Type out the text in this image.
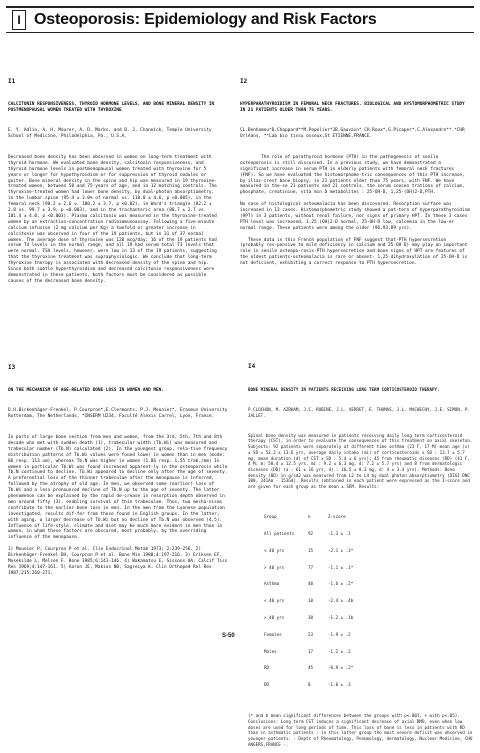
I Osteoporosis: Epidemiology and Risk Factors

I1

CALCITONIN RESPONSIVENESS, THYROID HORMONE LEVELS, AND BONE MINERAL DENSITY IN POSTMENOPAUSAL WOMEN TREATED WITH THYROXINE

E. Y. Adlin, A. H. Maurer, A. D. Marks, and B. J. Channick, Temple University School of Medicine, Philadelphia, Pa., U.S.A.

Decreased bone density has been observed in women on long-term treatment with thyroid hormone. We evaluated bone density, calcitonin responsiveness, and thyroid hormone levels in postmenopausal women treated with thyroxine for 5 years or longer for hypothyroidism or for suppression of thyroid nodules or goiter. Bone mineral density in the spine and hip was measured in 19 thyroxine-treated women, between 50 and 75 years of age, and in 12 matching controls. The thyroxine-treated women had lower bone density, by dual-photon absorptiometry, in the lumbar spine (95.4 ± 3.0% of normal vs. 110.0 ± 4.6, p <0.005), in the femoral neck (90.2 ± 2.6 v. 100.2 ± 3.7, p <0.02), in Ward's triangle (82.2 ± 2.8 vs. 99.7 ± 3.9, p <0.003), and in the trochanteric area (88.7 ± 2.7 vs. 101.4 ± 4.0, p <0.003). Plasma calcitonin was measured in the thyroxine-treated women by an extraction-concentration radioimmunoassay. Following a five-minute calcium infusion (2 mg calcium per Kg) a twofold or greater increase in calcitonin was observed in four of the 19 patients, but in 31 of 37 normal women. The average dose of thyroxine was 120 mcg/day; 16 of the 19 patients had serum T4 levels in the normal range, and all 19 had serum total T3 levels that were normal. TSH levels, however, were low in 13 of the 19 patients, suggesting that the thyroxine treatment was supraphysiologic. We conclude that long-term thyroxine therapy is associated with decreased density of the spine and hip. Since both subtle hyperthyroidism and decreased calcitonin responsiveness were demonstrated in these patients, both factors must be considered as possible causes of the decreased bone density.

I2

HYPERPARATHYROIDISM IN FEMORAL NECK FRACTURES. BIOLOGICAL AND HYSTOMORPHOMETRIC STUDY IN 21 PATIENTS OLDER THAN 75 YEARS.

CL.Benhamou*D.Chappard**M.Popelier*JB.Gauvain* CH.Roux*,G.Picaper*,C.Alexandre**.*CHR Orléans, **Lab bio tissu osseux,St ETIENNE,FRANCE.

The role of parathyroid hormone (PTH) in the pathogenesis of senile osteoporosis is still discussed. In a previous study, we have demonstrated a significant increase in serum PTH in elderly patients with femoral neck fractures (FNF). So we have evaluated the histomorphome-tric consequences of this PTH increase, by iliac-crest bone biopsy, in 21 patients older than 75 years, with FNF. We have measured in the-se 21 patients and 21 controls, the serum concen trations of calcium, phosphate, creatinine, vita min D metabolites : 25-OH-D, 1,25-(OH)2-D,PTH.

No case of histological osteomalacia has been discovered. Resorption surface was increased in 13 cases. Histomorphometric study showed a pat-tern of hyperparathyroidism (HPT) in 3 patients, without renal failure, nor signs of primary HPT. In these 3 cases PTH level was increased, 1,25 (OH)2-D normal, 25-OH-D low, calcemia in the low-er normal range. These patients were among the older (96,93,89 yrs).

These data in this French population of FNF suggest that-PTH hypersecretion (probably res-ponsive to mild deficiency in calcium and 25-OH D) may play an important role in senile osteopo-rosis-PTH hypersecretion and bone signs of HPT are features of the oldest patients-osteomalacia is rare or absent- 1,25 dihydroxylation of 25-OH-D is not deficient, exhibiting a correct response to PTH hypersecretion.

I3

ON THE MECHANISM OF AGE-RELATED BONE LOSS IN WOMEN AND MEN.

D.H.Birkenhäger-Frenkel, P.Courpron*,E.Clermonts, P.J. Meunier*, Erasmus University Rotterdam, The Netherlands, *INSERM U234, Faculté Alexis Carrel, Lyon, France.

In parts of large bone section from men and women, from the 3rd, 5th, 7th and 8th decade who met with sudden death (1), trabecular width (Tb.Wi) was measured and trabecular number (Tb.N) calculated (2). In the youngest group, rela-tive frequency distribution patterns of Tb.Wi values were found lower in women than in men (mode: 86 resp. 113 um), whereas Tb.N was higher in women (1.86 resp. 1.55 trab./mm) In women in particular Tb.Wi was found increased apparent-ly in the osteoporosis while Tb.N continued to decline. Tb.Wi appeared to decline only after the age of seventy. A preferential loss of the thinner trabeculae after the menopause is inferred, followed by the atrophy of old age. In men, we observed some (earlier) loss of Tb.Wi and a less pronounced decline of Tb.N up to the age of seventy. The latter phenomenon can be explained by the rapid de-crease in resorption depth observed in men around fifty (3), enabling survival of thin trabeculae. Thus, two mecha-nisms contribute to the earlier bone loss in men. In the men from the Lyonese population investigated, results dif-fer from those found in English groups. In the latter, with aging, a larger decrease of Tb.Wi but no decline of Tb.N was observed (4,5). Influence of life-style, climate and diet may be much more evident in men than in women, in whom these factors are obscured, most probably, by the overriding influence of the menopause.

1) Meunier P, Courpron P et al. Clin Endocrinol Metab 1973; 2:239-256. 2) Birkenhäger-Frenkel DH, Courpron P et al. Bone Min 1988;4:197-216. 3) Eriksen EF, Mosekilde L, Melsen F. Bone 1985;6:141-146. 4) Wakamatsu E, Sissons HA. Calcif Tiss Res 1969;4:147-161. 5) Aaron JE, Makins NB, Sagreiya K. Clin Orthoped Rel Res 1987;215:260-271.

I4

BONE MINERAL DENSITY IN PATIENTS RECEIVING LONG TERM CORTICOSTEROID THERAPY.

P.CLOCHON, M. AZRHAM, J.C. ROBINE, J.L. VERRET, E. THOMAS, J.L. MACHECHY, J.E. SIMON, P. JALLET.

Spinal bone density was measured in patients receiving daily long term corticosteroid therapy (CST), in order to evaluate the consequences of this treatment on axial skeleton. Subjects: 92 patients were separately at different time asthma (23 F, 17 M) mean age (x) ± SD = 53.2 ± 13.6 yrs, average daily intake (mi) of corticosteroids x SD : 13.7 ± 5.7 mg, mean duration (d) of CST x SD : 5.4 ± 6 yrs); 45 from rheumatic diseases (RD) (41 F, 4 M; m: 58.4 ± 12.5 yrs, mi : 9.2 ± 6.3 mg, d: 7.2 ± 5.7 yrs) and 8 from dermatologic diseases (DD) (a : 61 ± 16 yrs, d) : 16.5 ± 8.3 mg, d: 4 ± 3.4 yrs). Methods: Bone density (BD) in g/cm2 was measured from L2 to L4 by dual photon absorptiometry (DIGI DNC 300, 241Am - 153Gd). Results (obtained in each patient were expressed as the Z-score and are given for each group as the mean ± SEM. Results:

Group	n	Z-score

All patients	92	-1.3 ± .1

< 40 yrs	15	-2.1 ± .3*

> 40 yrs	77	-1.1 ± .1*

Asthma	40	-1.6 ± .2*

< 40 yrs	10	-2.4 ± .4b

> 40 yrs	30	-1.2 ± .1b

Females	23	-1.9 ± .2

Males	17	-1.2 ± .2

RD	45	-0.9 ± .2*

DD	8	-1.0 ± .3

(* and b mean significant differences between the groups with p<.001, + with p<.05).
Conclusions: Long term CST induces a significant decrease of axial BMD, even when low doses are used for long periods of time. This loss of bone is less in patients with RD than in asthmatic patients : in this latter group the most severe deficit was observed in younger patients. - Depts of Rheumatology, Pneumology, dermatology, Nuclear Medicine, CHU ANGERS,FRANCE -.

S-50
